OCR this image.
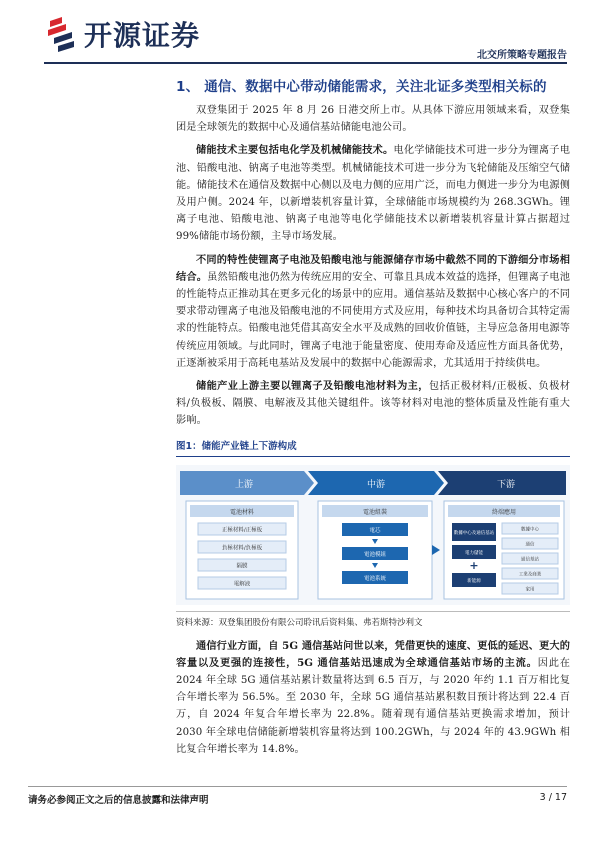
开源证券
北交所策略专题报告
1、 通信、数据中心带动储能需求，关注北证多类型相关标的

双登集团于 2025 年 8 月 26 日港交所上市。从具体下游应用领域来看，双登集团是全球领先的数据中心及通信基站储能电池公司。

储能技术主要包括电化学及机械储能技术。电化学储能技术可进一步分为锂离子电池、铅酸电池、钠离子电池等类型。机械储能技术可进一步分为飞轮储能及压缩空气储能。储能技术在通信及数据中心侧以及电力侧的应用广泛，而电力侧进一步分为电源侧及用户侧。2024 年，以新增装机容量计算，全球储能市场规模约为 268.3GWh。锂离子电池、铅酸电池、钠离子电池等电化学储能技术以新增装机容量计算占据超过 99%储能市场份额，主导市场发展。

不同的特性使锂离子电池及铅酸电池与能源储存市场中截然不同的下游细分市场相结合。虽然铅酸电池仍然为传统应用的安全、可靠且具成本效益的选择，但锂离子电池的性能特点正推动其在更多元化的场景中的应用。通信基站及数据中心核心客户的不同要求带动锂离子电池及铅酸电池的不同使用方式及应用，每种技术均具备切合其特定需求的性能特点。铅酸电池凭借其高安全水平及成熟的回收价值链，主导应急备用电源等传统应用领域。与此同时，锂离子电池于能量密度、使用寿命及适应性方面具备优势，正逐渐被采用于高耗电基站及发展中的数据中心能源需求，尤其适用于持续供电。

储能产业上游主要以锂离子及铅酸电池材料为主，包括正极材料/正极板、负极材料/负极板、隔膜、电解液及其他关键组件。该等材料对电池的整体质量及性能有重大影响。

图1：储能产业链上下游构成
上游	中游	下游
電池材料
正極材料/正極板
負極材料/負極板
隔膜
電解液
電池組裝
電芯
電池模組
電池系統
終端應用
數據中心及通信基站
電力儲能
+
新能源
數據中心
通信
通信基站
工業及商業
家用
资料来源：双登集团股份有限公司聆讯后资料集、弗若斯特沙利文

通信行业方面，自 5G 通信基站问世以来，凭借更快的速度、更低的延迟、更大的容量以及更强的连接性，5G 通信基站迅速成为全球通信基站市场的主流。因此在 2024 年全球 5G 通信基站累计数量将达到 6.5 百万，与 2020 年约 1.1 百万相比复合年增长率为 56.5%。至 2030 年，全球 5G 通信基站累积数目预计将达到 22.4 百万，自 2024 年复合年增长率为 22.8%。随着现有通信基站更换需求增加，预计 2030 年全球电信储能新增装机容量将达到 100.2GWh，与 2024 年的 43.9GWh 相比复合年增长率为 14.8%。

请务必参阅正文之后的信息披露和法律声明	3 / 17
